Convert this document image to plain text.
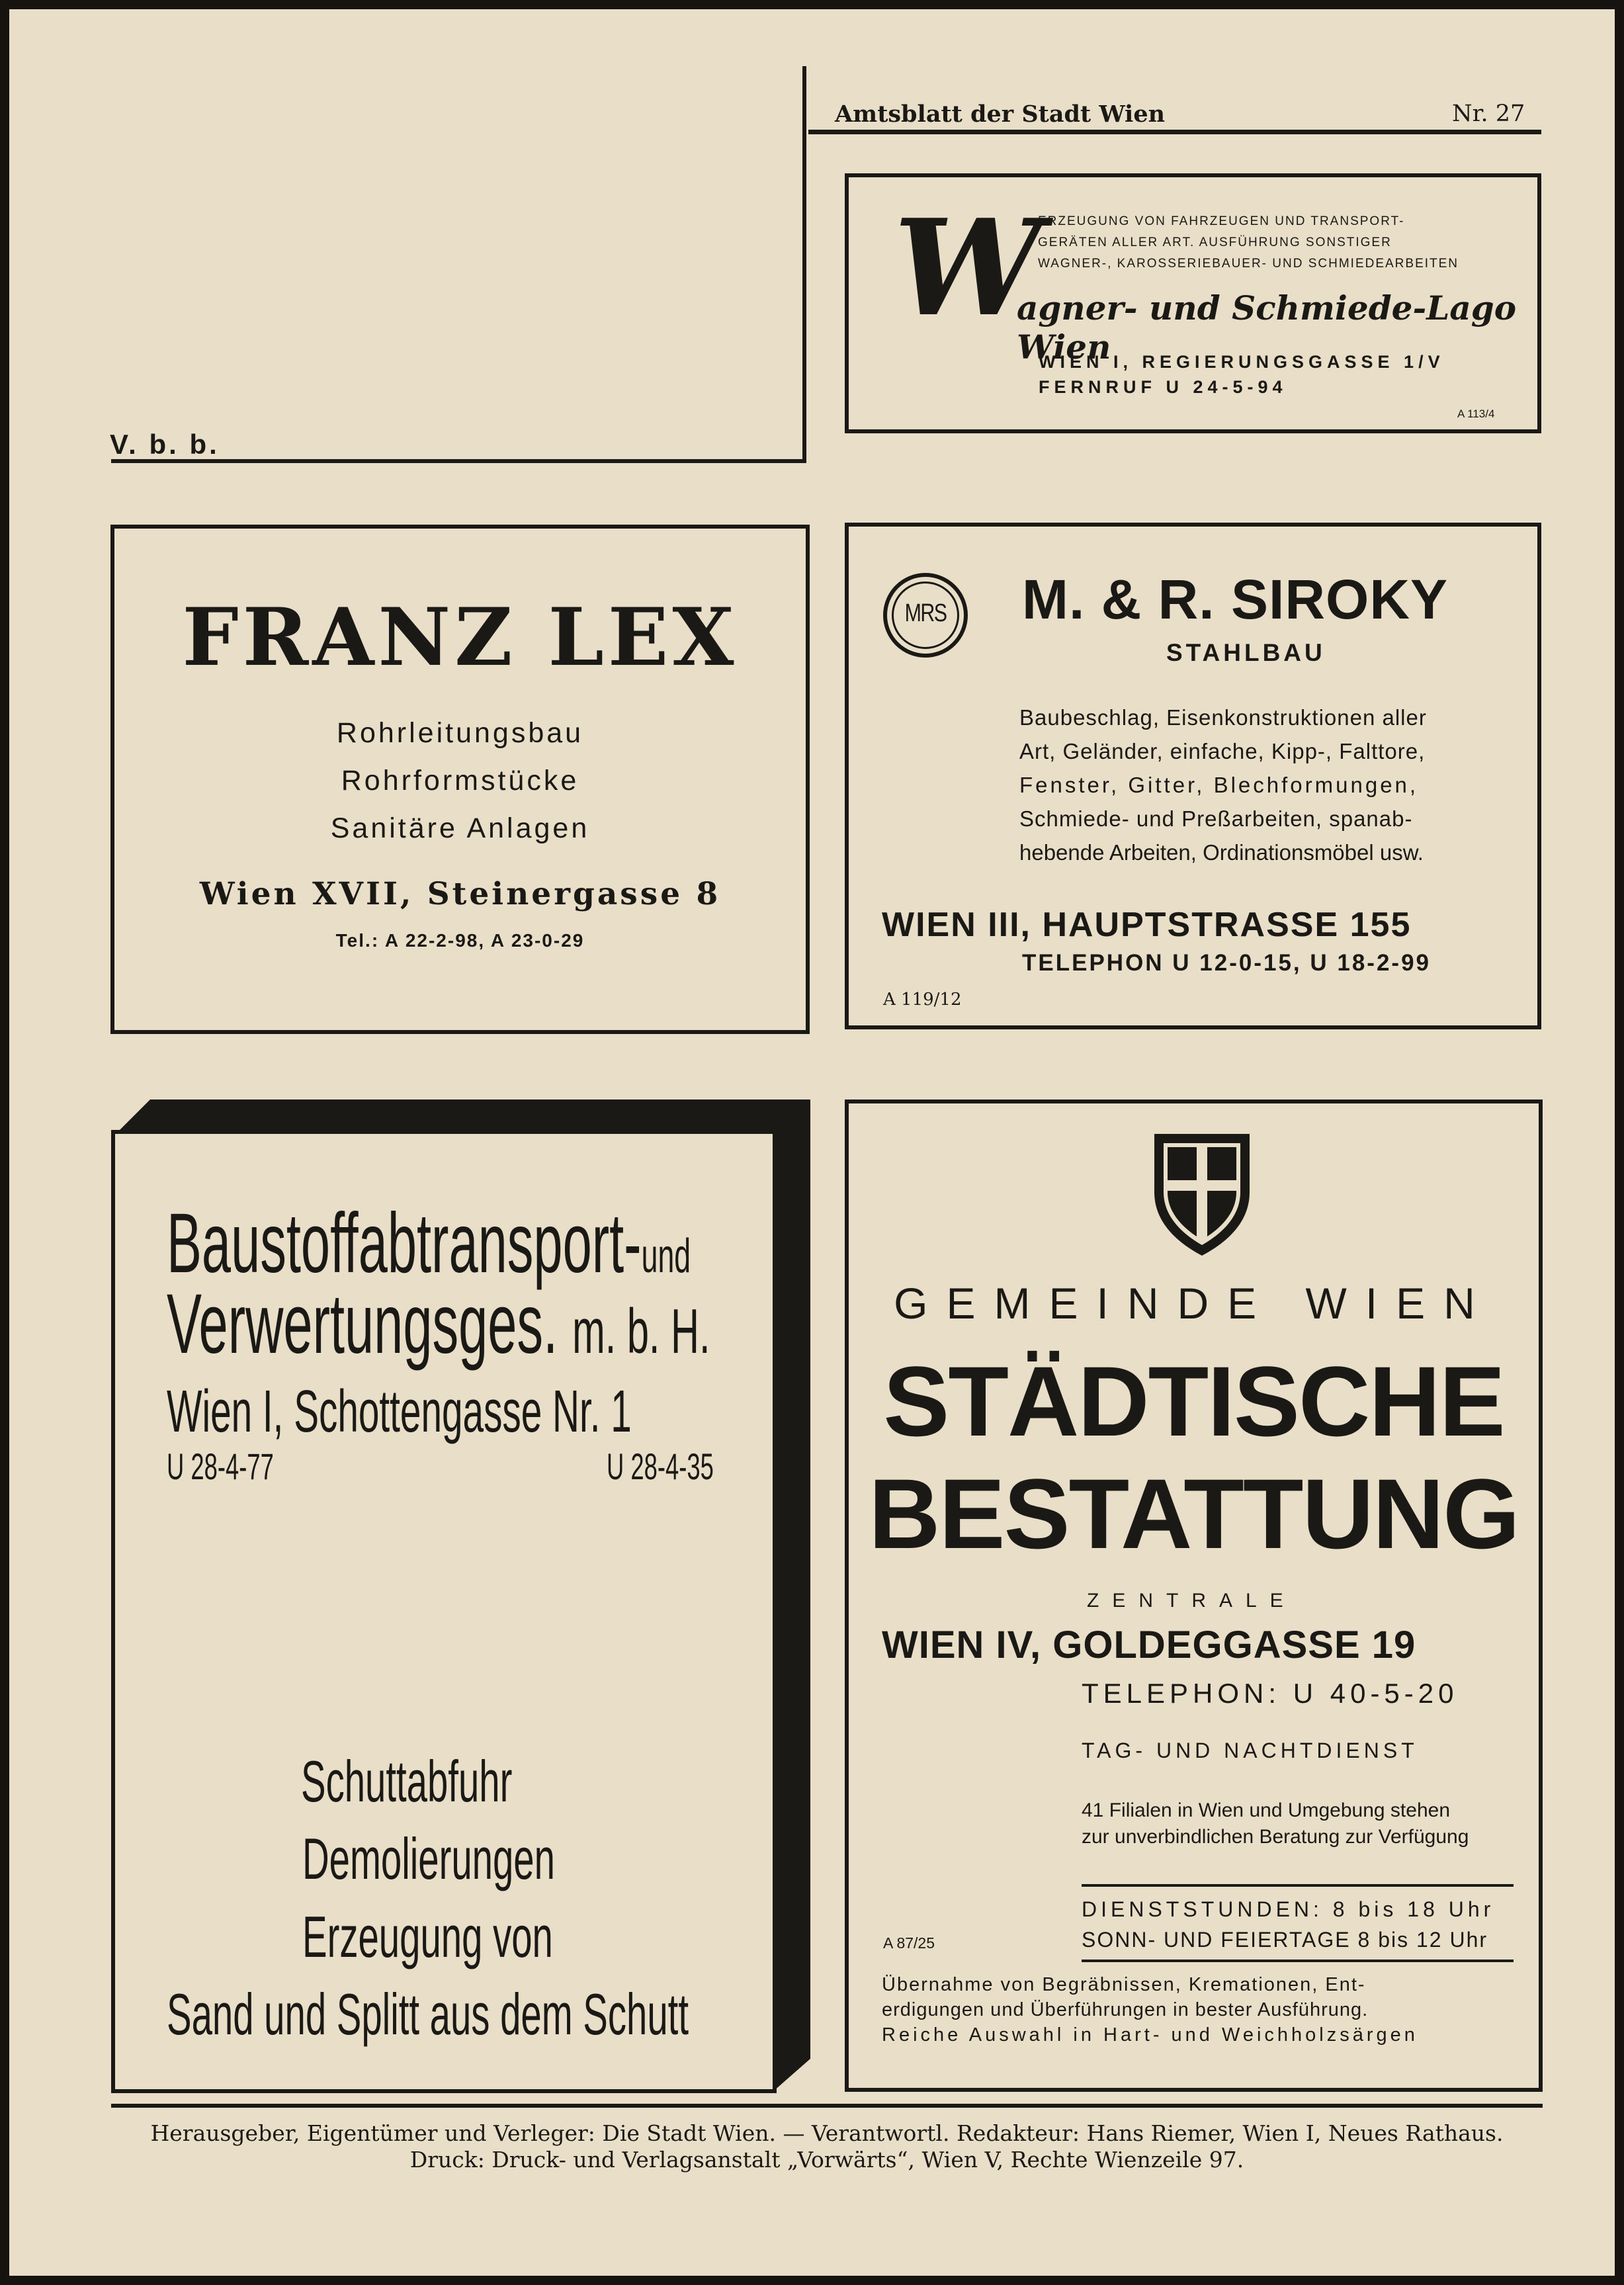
V. b. b.
Amtsblatt der Stadt Wien	Nr. 27
W
ERZEUGUNG VON FAHRZEUGEN UND TRANSPORT-
GERÄTEN ALLER ART. AUSFÜHRUNG SONSTIGER
WAGNER-, KAROSSERIEBAUER- UND SCHMIEDEARBEITEN
agner- und Schmiede-Lago Wien
WIEN I, REGIERUNGSGASSE 1/V
FERNRUF U 24-5-94
A 113/4
FRANZ LEX
Rohrleitungsbau
Rohrformstücke
Sanitäre Anlagen
Wien XVII, Steinergasse 8
Tel.: A 22-2-98, A 23-0-29
MRS M. & R. SIROKY
STAHLBAU
Baubeschlag, Eisenkonstruktionen aller
Art, Geländer, einfache, Kipp-, Falttore,
Fenster, Gitter, Blechformungen,
Schmiede- und Preßarbeiten, spanab-
hebende Arbeiten, Ordinationsmöbel usw.
WIEN III, HAUPTSTRASSE 155
TELEPHON U 12-0-15, U 18-2-99
A 119/12
Baustoffabtransport-und
Verwertungsges. m. b. H.
Wien I, Schottengasse Nr. 1
U 28-4-77	U 28-4-35
Schuttabfuhr
Demolierungen
Erzeugung von
Sand und Splitt aus dem Schutt
GEMEINDE WIEN
STÄDTISCHE
BESTATTUNG
ZENTRALE
WIEN IV, GOLDEGGASSE 19
TELEPHON: U 40-5-20
TAG- UND NACHTDIENST
41 Filialen in Wien und Umgebung stehen
zur unverbindlichen Beratung zur Verfügung
DIENSTSTUNDEN: 8 bis 18 Uhr
SONN- UND FEIERTAGE 8 bis 12 Uhr
A 87/25
Übernahme von Begräbnissen, Kremationen, Ent-
erdigungen und Überführungen in bester Ausführung.
Reiche Auswahl in Hart- und Weichholzsärgen
Herausgeber, Eigentümer und Verleger: Die Stadt Wien. — Verantwortl. Redakteur: Hans Riemer, Wien I, Neues Rathaus.
Druck: Druck- und Verlagsanstalt „Vorwärts“, Wien V, Rechte Wienzeile 97.
